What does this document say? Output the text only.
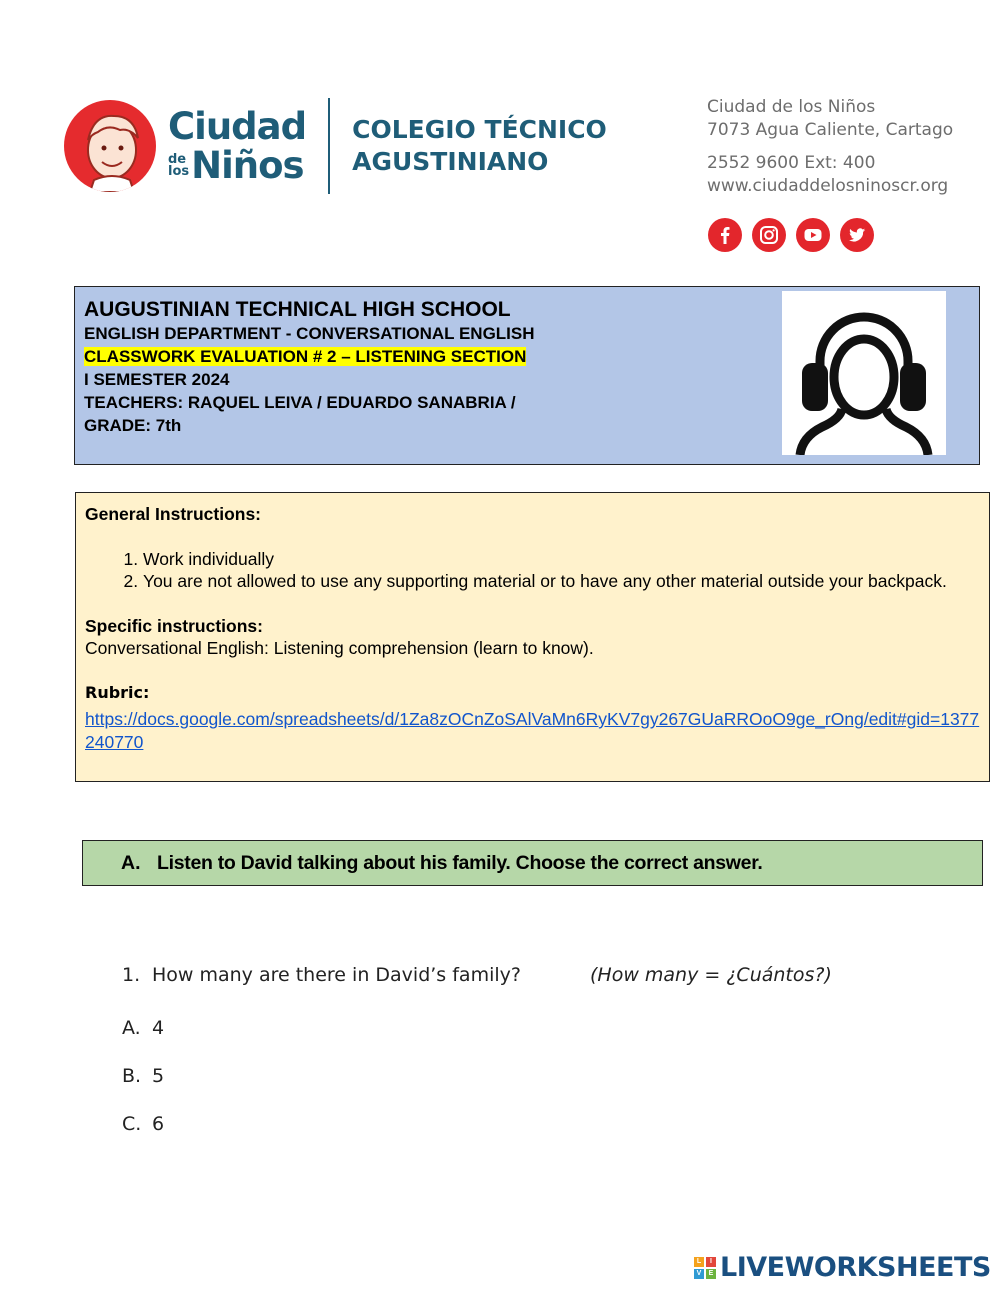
Ciudad
de
los Niños
COLEGIO TÉCNICO
AGUSTINIANO
Ciudad de los Niños
7073 Agua Caliente, Cartago
2552 9600 Ext: 400
www.ciudaddelosninoscr.org
AUGUSTINIAN TECHNICAL HIGH SCHOOL
ENGLISH DEPARTMENT - CONVERSATIONAL ENGLISH
CLASSWORK EVALUATION # 2 – LISTENING SECTION
I SEMESTER 2024
TEACHERS: RAQUEL LEIVA / EDUARDO SANABRIA /
GRADE: 7th
General Instructions:
1. Work individually
2. You are not allowed to use any supporting material or to have any other material outside your backpack.
Specific instructions:
Conversational English: Listening comprehension (learn to know).
Rubric:
https://docs.google.com/spreadsheets/d/1Za8zOCnZoSAlVaMn6RyKV7gy267GUaRROoO9ge_rOng/edit#gid=1377240770
A. Listen to David talking about his family. Choose the correct answer.
1. How many are there in David’s family?	(How many = ¿Cuántos?)
A. 4
B. 5
C. 6
L	I
V	E LIVEWORKSHEETS
